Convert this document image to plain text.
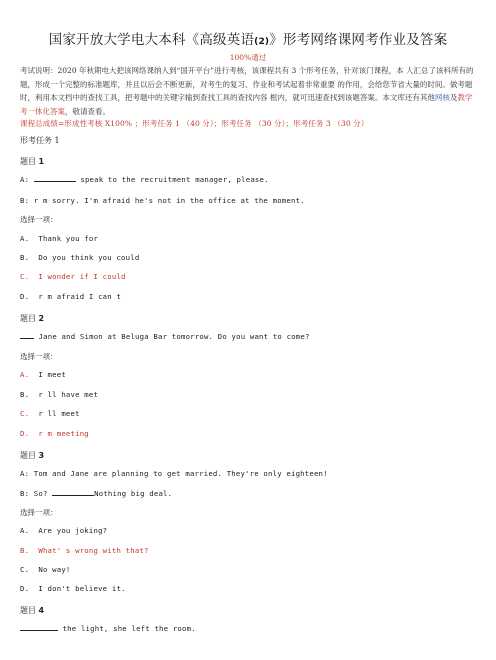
国家开放大学电大本科《高级英语(2)》形考网络课网考作业及答案
100%通过
考试说明：2020 年秋期电大把该网络课纳入到“国开平台”进行考核，该课程共有 3 个形考任务，针对该门课程，本 人汇总了该科所有的题，形成一个完整的标准题库，并且以后会不断更新，对考生的复习、作业和考试起着非常重要 的作用，会给您节省大量的时间。做考题时，利用本文档中的查找工具，把考题中的关键字输到查找工具的查找内容 框内，就可迅速查找到该题答案。本文库还有其他网核及教学考一体化答案，敬请查看。
课程总成绩=形成性考核 X100% ；形考任务 1 （40 分）；形考任务 （30 分）；形考任务 3 （30 分）
形考任务 1
题目 1
A:	speak to the recruitment manager, please.
B: r m sorry. I'm afraid he's not in the office at the moment.
选择一项：
A.  Thank you for
B.  Do you think you could
C.  I wonder if I could
D.  r m afraid I can t
题目 2
Jane and Simon at Beluga Bar tomorrow. Do you want to come?
选择一项：
A.  I meet
B.  r ll have met
C.  r ll meet
D.  r m meeting
题目 3
A: Tom and Jane are planning to get married. They're only eighteen!
B: So?	Nothing big deal.
选择一项：
A.  Are you joking?
B.  What' s wrong with that?
C.  No way!
D.  I don't believe it.
题目 4
the light, she left the room.
